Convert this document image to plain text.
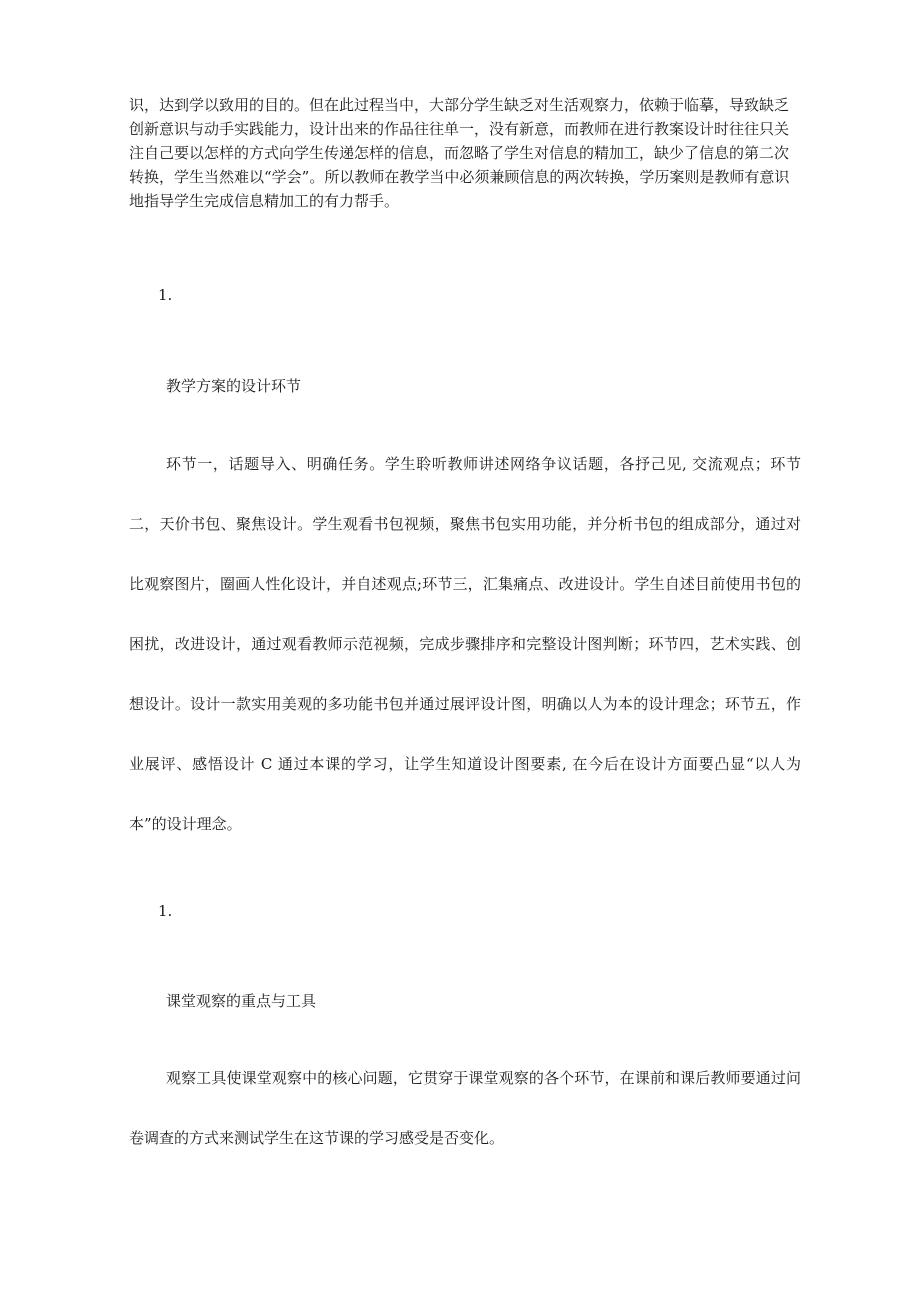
识，达到学以致用的目的。但在此过程当中，大部分学生缺乏对生活观察力，依赖于临摹，导致缺乏创新意识与动手实践能力，设计出来的作品往往单一，没有新意，而教师在进行教案设计时往往只关注自己要以怎样的方式向学生传递怎样的信息，而忽略了学生对信息的精加工，缺少了信息的第二次转换，学生当然难以“学会”。所以教师在教学当中必须兼顾信息的两次转换，学历案则是教师有意识地指导学生完成信息精加工的有力帮手。

1.

教学方案的设计环节

环节一，话题导入、明确任务。学生聆听教师讲述网络争议话题，各抒己见, 交流观点；环节二，天价书包、聚焦设计。学生观看书包视频，聚焦书包实用功能，并分析书包的组成部分，通过对比观察图片，圈画人性化设计，并自述观点;环节三，汇集痛点、改进设计。学生自述目前使用书包的困扰，改进设计，通过观看教师示范视频，完成步骤排序和完整设计图判断；环节四，艺术实践、创想设计。设计一款实用美观的多功能书包并通过展评设计图，明确以人为本的设计理念；环节五，作业展评、感悟设计 C 通过本课的学习，让学生知道设计图要素, 在今后在设计方面要凸显“以人为本”的设计理念。

1.

课堂观察的重点与工具

观察工具使课堂观察中的核心问题，它贯穿于课堂观察的各个环节，在课前和课后教师要通过问卷调查的方式来测试学生在这节课的学习感受是否变化。
